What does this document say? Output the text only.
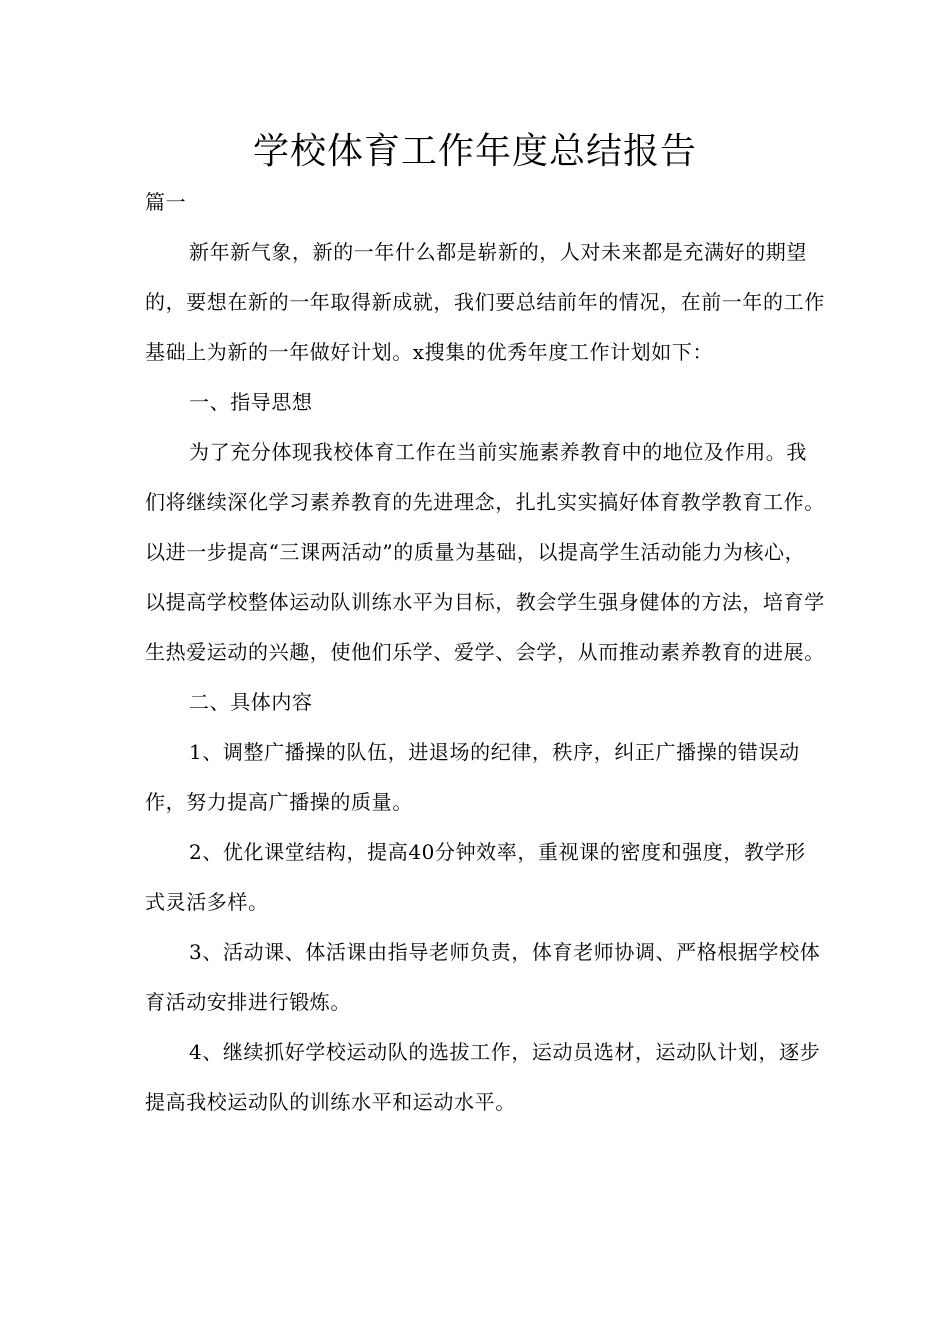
学校体育工作年度总结报告

篇一

新年新气象，新的一年什么都是崭新的，人对未来都是充满好的期望的，要想在新的一年取得新成就，我们要总结前年的情况，在前一年的工作基础上为新的一年做好计划。x搜集的优秀年度工作计划如下：

一、指导思想

为了充分体现我校体育工作在当前实施素养教育中的地位及作用。我们将继续深化学习素养教育的先进理念，扎扎实实搞好体育教学教育工作。以进一步提高“三课两活动”的质量为基础，以提高学生活动能力为核心，以提高学校整体运动队训练水平为目标，教会学生强身健体的方法，培育学生热爱运动的兴趣，使他们乐学、爱学、会学，从而推动素养教育的进展。

二、具体内容

1、调整广播操的队伍，进退场的纪律，秩序，纠正广播操的错误动作，努力提高广播操的质量。

2、优化课堂结构，提高40分钟效率，重视课的密度和强度，教学形式灵活多样。

3、活动课、体活课由指导老师负责，体育老师协调、严格根据学校体育活动安排进行锻炼。

4、继续抓好学校运动队的选拔工作，运动员选材，运动队计划，逐步提高我校运动队的训练水平和运动水平。
